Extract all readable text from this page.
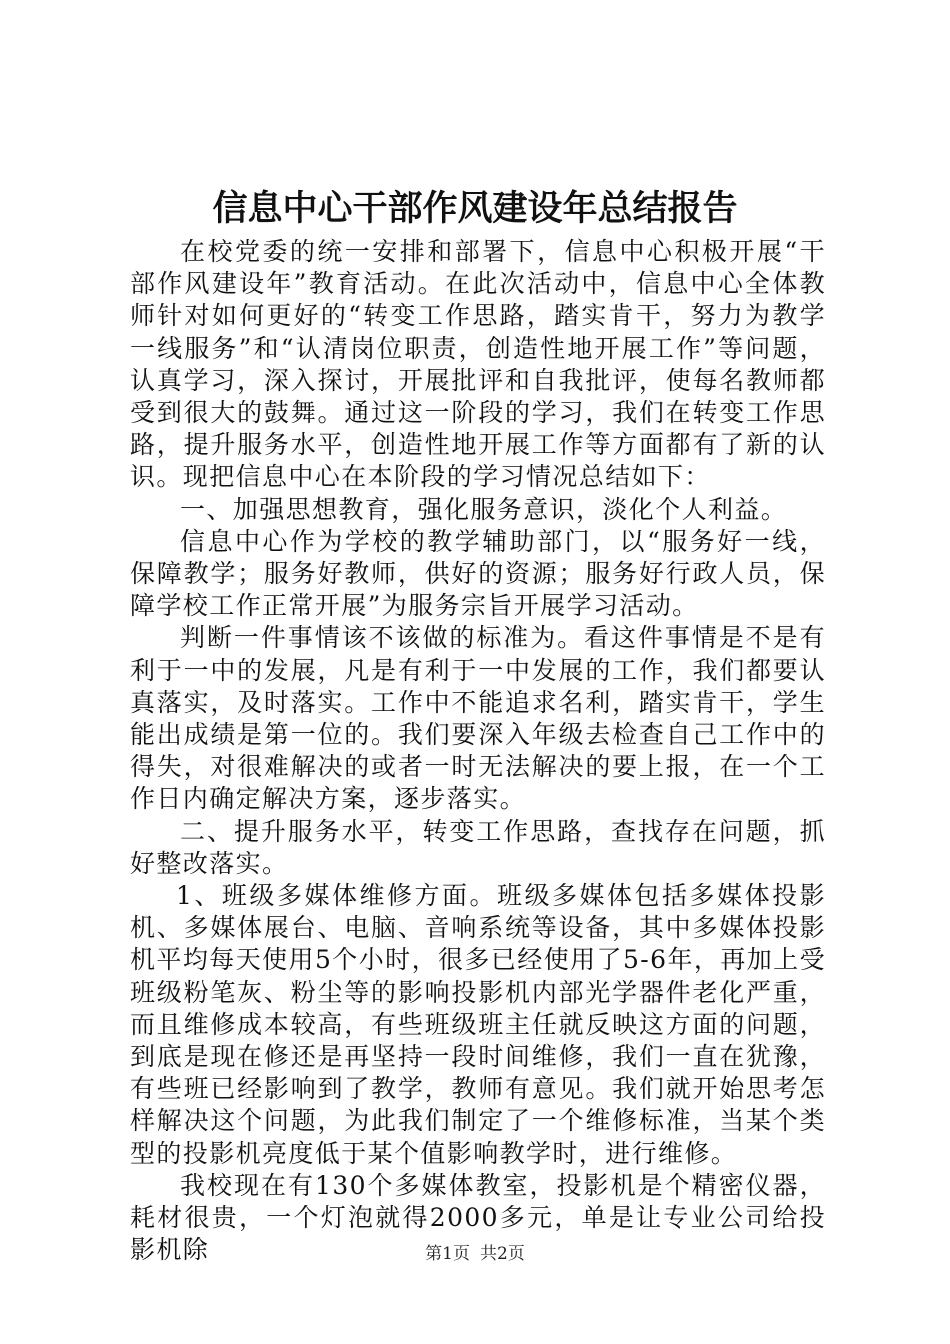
信息中心干部作风建设年总结报告

在校党委的统一安排和部署下，信息中心积极开展“干部作风建设年”教育活动。在此次活动中，信息中心全体教师针对如何更好的“转变工作思路，踏实肯干，努力为教学一线服务”和“认清岗位职责，创造性地开展工作”等问题，认真学习，深入探讨，开展批评和自我批评，使每名教师都受到很大的鼓舞。通过这一阶段的学习，我们在转变工作思路，提升服务水平，创造性地开展工作等方面都有了新的认识。现把信息中心在本阶段的学习情况总结如下：

一、加强思想教育，强化服务意识，淡化个人利益。

信息中心作为学校的教学辅助部门，以“服务好一线，保障教学；服务好教师，供好的资源；服务好行政人员，保障学校工作正常开展”为服务宗旨开展学习活动。

判断一件事情该不该做的标准为。看这件事情是不是有利于一中的发展，凡是有利于一中发展的工作，我们都要认真落实，及时落实。工作中不能追求名利，踏实肯干，学生能出成绩是第一位的。我们要深入年级去检查自己工作中的得失，对很难解决的或者一时无法解决的要上报，在一个工作日内确定解决方案，逐步落实。

二、提升服务水平，转变工作思路，查找存在问题，抓好整改落实。

1、班级多媒体维修方面。班级多媒体包括多媒体投影机、多媒体展台、电脑、音响系统等设备，其中多媒体投影机平均每天使用5个小时，很多已经使用了5-6年，再加上受班级粉笔灰、粉尘等的影响投影机内部光学器件老化严重，而且维修成本较高，有些班级班主任就反映这方面的问题，到底是现在修还是再坚持一段时间维修，我们一直在犹豫，有些班已经影响到了教学，教师有意见。我们就开始思考怎样解决这个问题，为此我们制定了一个维修标准，当某个类型的投影机亮度低于某个值影响教学时，进行维修。

我校现在有130个多媒体教室，投影机是个精密仪器，耗材很贵，一个灯泡就得2000多元，单是让专业公司给投影机除	第1页 共2页
